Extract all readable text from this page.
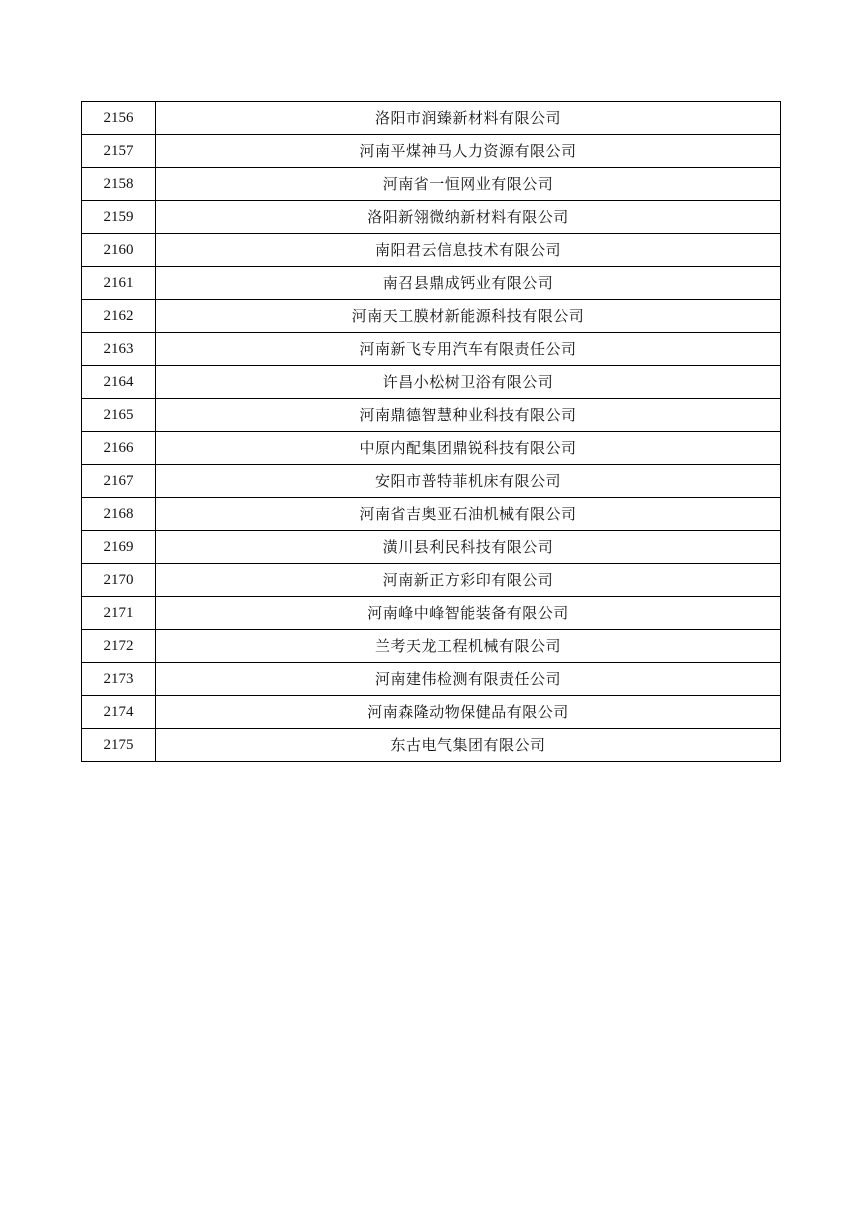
2156	洛阳市润臻新材料有限公司
2157	河南平煤神马人力资源有限公司
2158	河南省一恒网业有限公司
2159	洛阳新翎微纳新材料有限公司
2160	南阳君云信息技术有限公司
2161	南召县鼎成钙业有限公司
2162	河南天工膜材新能源科技有限公司
2163	河南新飞专用汽车有限责任公司
2164	许昌小松树卫浴有限公司
2165	河南鼎德智慧种业科技有限公司
2166	中原内配集团鼎锐科技有限公司
2167	安阳市普特菲机床有限公司
2168	河南省吉奥亚石油机械有限公司
2169	潢川县利民科技有限公司
2170	河南新正方彩印有限公司
2171	河南峰中峰智能装备有限公司
2172	兰考天龙工程机械有限公司
2173	河南建伟检测有限责任公司
2174	河南森隆动物保健品有限公司
2175	东古电气集团有限公司
